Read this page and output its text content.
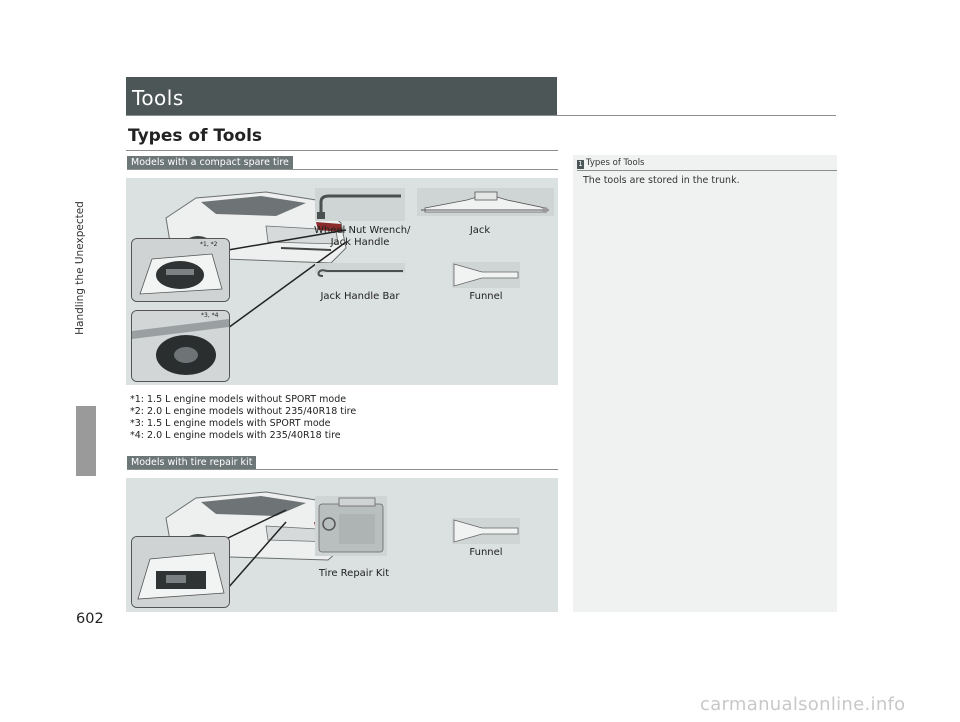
Handling the Unexpected
602
Tools
Types of Tools
Models with a compact spare tire
*1, *2
*3, *4
Wheel Nut Wrench/
Jack Handle
Jack
Jack Handle Bar	Funnel
*1: 1.5 L engine models without SPORT mode
*2: 2.0 L engine models without 235/40R18 tire
*3: 1.5 L engine models with SPORT mode
*4: 2.0 L engine models with 235/40R18 tire
Models with tire repair kit
Tire Repair Kit
Funnel
1 Types of Tools
The tools are stored in the trunk.
carmanualsonline.info
